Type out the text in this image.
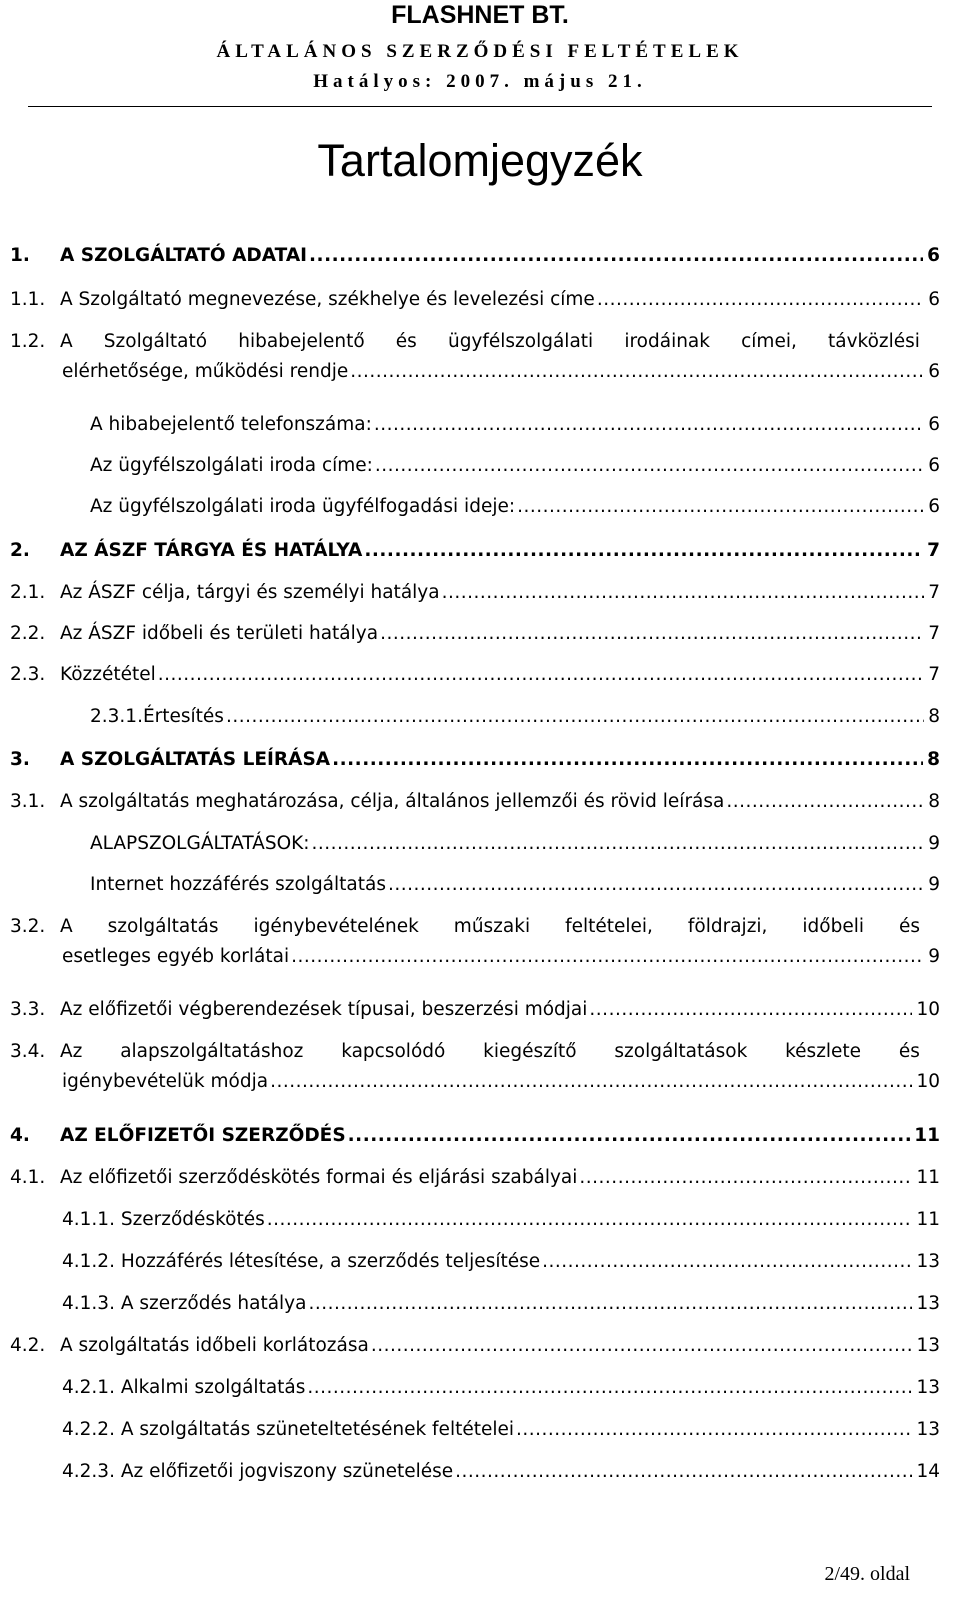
FLASHNET BT.
ÁLTALÁNOS SZERZŐDÉSI FELTÉTELEK
Hatályos: 2007. május 21.
Tartalomjegyzék
1.	A SZOLGÁLTATÓ ADATAI .....	6
1.1. A Szolgáltató megnevezése, székhelye és levelezési címe .....	6
1.2. A Szolgáltató hibabejelentő és ügyfélszolgálati irodáinak címei, távközlési
elérhetősége, működési rendje .....	6
A hibabejelentő telefonszáma: .....	6
Az ügyfélszolgálati iroda címe: .....	6
Az ügyfélszolgálati iroda ügyfélfogadási ideje: .....	6
2.	AZ ÁSZF TÁRGYA ÉS HATÁLYA .....	7
2.1. Az ÁSZF célja, tárgyi és személyi hatálya .....	7
2.2. Az ÁSZF időbeli és területi hatálya .....	7
2.3. Közzététel .....	7
2.3.1.Értesítés .....	8
3.	A SZOLGÁLTATÁS LEÍRÁSA .....	8
3.1. A szolgáltatás meghatározása, célja, általános jellemzői és rövid leírása .....	8
ALAPSZOLGÁLTATÁSOK: .....	9
Internet hozzáférés szolgáltatás .....	9
3.2. A szolgáltatás igénybevételének műszaki feltételei, földrajzi, időbeli és
esetleges egyéb korlátai .....	9
3.3. Az előfizetői végberendezések típusai, beszerzési módjai .....	10
3.4. Az alapszolgáltatáshoz kapcsolódó kiegészítő szolgáltatások készlete és
igénybevételük módja .....	10
4.	AZ ELŐFIZETŐI SZERZŐDÉS .....	11
4.1. Az előfizetői szerződéskötés formai és eljárási szabályai .....	11
4.1.1. Szerződéskötés .....	11
4.1.2. Hozzáférés létesítése, a szerződés teljesítése .....	13
4.1.3. A szerződés hatálya .....	13
4.2. A szolgáltatás időbeli korlátozása .....	13
4.2.1. Alkalmi szolgáltatás .....	13
4.2.2. A szolgáltatás szüneteltetésének feltételei .....	13
4.2.3. Az előfizetői jogviszony szünetelése .....	14
2/49. oldal
